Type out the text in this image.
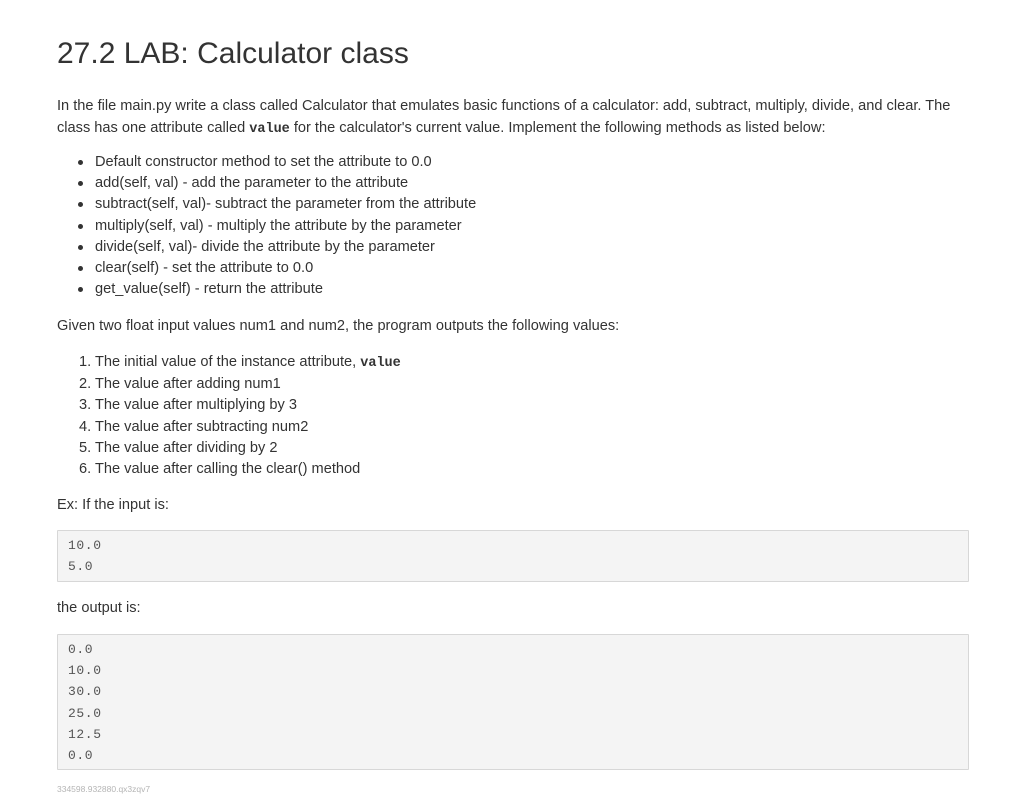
27.2 LAB: Calculator class

In the file main.py write a class called Calculator that emulates basic functions of a calculator: add, subtract, multiply, divide, and clear. The class has one attribute called value for the calculator's current value. Implement the following methods as listed below:

Default constructor method to set the attribute to 0.0
add(self, val) - add the parameter to the attribute
subtract(self, val)- subtract the parameter from the attribute
multiply(self, val) - multiply the attribute by the parameter
divide(self, val)- divide the attribute by the parameter
clear(self) - set the attribute to 0.0
get_value(self) - return the attribute

Given two float input values num1 and num2, the program outputs the following values:

1. The initial value of the instance attribute, value
2. The value after adding num1
3. The value after multiplying by 3
4. The value after subtracting num2
5. The value after dividing by 2
6. The value after calling the clear() method

Ex: If the input is:

10.0
5.0

the output is:

0.0
10.0
30.0
25.0
12.5
0.0
334598.932880.qx3zqv7
